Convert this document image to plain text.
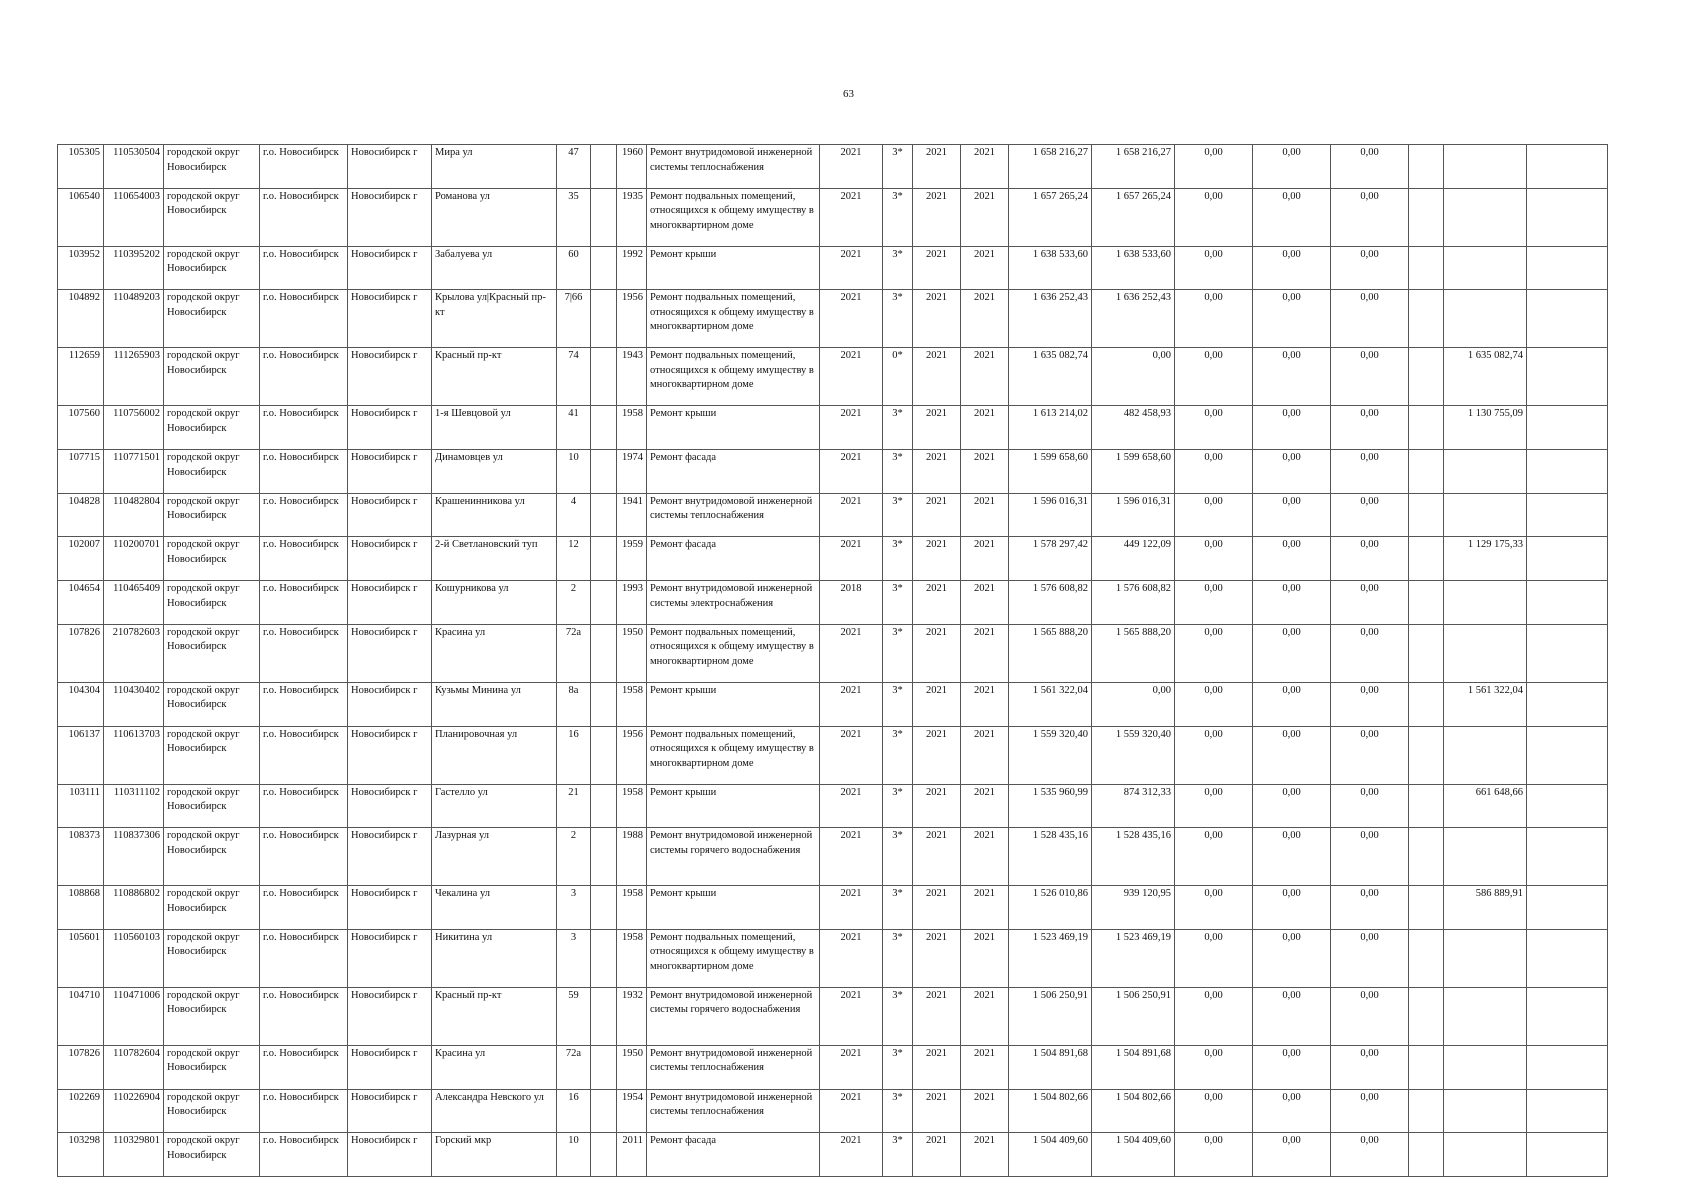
63
105305	110530504	городской округ Новосибирск	г.о. Новосибирск	Новосибирск г	Мира ул	47		1960	Ремонт внутридомовой инженерной системы теплоснабжения	2021	3*	2021	2021	1 658 216,27	1 658 216,27	0,00	0,00	0,00			
106540	110654003	городской округ Новосибирск	г.о. Новосибирск	Новосибирск г	Романова ул	35		1935	Ремонт подвальных помещений, относящихся к общему имуществу в многоквартирном доме	2021	3*	2021	2021	1 657 265,24	1 657 265,24	0,00	0,00	0,00			
103952	110395202	городской округ Новосибирск	г.о. Новосибирск	Новосибирск г	Забалуева ул	60		1992	Ремонт крыши	2021	3*	2021	2021	1 638 533,60	1 638 533,60	0,00	0,00	0,00			
104892	110489203	городской округ Новосибирск	г.о. Новосибирск	Новосибирск г	Крылова ул|Красный пр-кт	7|66		1956	Ремонт подвальных помещений, относящихся к общему имуществу в многоквартирном доме	2021	3*	2021	2021	1 636 252,43	1 636 252,43	0,00	0,00	0,00			
112659	111265903	городской округ Новосибирск	г.о. Новосибирск	Новосибирск г	Красный пр-кт	74		1943	Ремонт подвальных помещений, относящихся к общему имуществу в многоквартирном доме	2021	0*	2021	2021	1 635 082,74	0,00	0,00	0,00	0,00		1 635 082,74	
107560	110756002	городской округ Новосибирск	г.о. Новосибирск	Новосибирск г	1-я Шевцовой ул	41		1958	Ремонт крыши	2021	3*	2021	2021	1 613 214,02	482 458,93	0,00	0,00	0,00		1 130 755,09	
107715	110771501	городской округ Новосибирск	г.о. Новосибирск	Новосибирск г	Динамовцев ул	10		1974	Ремонт фасада	2021	3*	2021	2021	1 599 658,60	1 599 658,60	0,00	0,00	0,00			
104828	110482804	городской округ Новосибирск	г.о. Новосибирск	Новосибирск г	Крашенинникова ул	4		1941	Ремонт внутридомовой инженерной системы теплоснабжения	2021	3*	2021	2021	1 596 016,31	1 596 016,31	0,00	0,00	0,00			
102007	110200701	городской округ Новосибирск	г.о. Новосибирск	Новосибирск г	2-й Светлановский туп	12		1959	Ремонт фасада	2021	3*	2021	2021	1 578 297,42	449 122,09	0,00	0,00	0,00		1 129 175,33	
104654	110465409	городской округ Новосибирск	г.о. Новосибирск	Новосибирск г	Кошурникова ул	2		1993	Ремонт внутридомовой инженерной системы электроснабжения	2018	3*	2021	2021	1 576 608,82	1 576 608,82	0,00	0,00	0,00			
107826	210782603	городской округ Новосибирск	г.о. Новосибирск	Новосибирск г	Красина ул	72а		1950	Ремонт подвальных помещений, относящихся к общему имуществу в многоквартирном доме	2021	3*	2021	2021	1 565 888,20	1 565 888,20	0,00	0,00	0,00			
104304	110430402	городской округ Новосибирск	г.о. Новосибирск	Новосибирск г	Кузьмы Минина ул	8а		1958	Ремонт крыши	2021	3*	2021	2021	1 561 322,04	0,00	0,00	0,00	0,00		1 561 322,04	
106137	110613703	городской округ Новосибирск	г.о. Новосибирск	Новосибирск г	Планировочная ул	16		1956	Ремонт подвальных помещений, относящихся к общему имуществу в многоквартирном доме	2021	3*	2021	2021	1 559 320,40	1 559 320,40	0,00	0,00	0,00			
103111	110311102	городской округ Новосибирск	г.о. Новосибирск	Новосибирск г	Гастелло ул	21		1958	Ремонт крыши	2021	3*	2021	2021	1 535 960,99	874 312,33	0,00	0,00	0,00		661 648,66	
108373	110837306	городской округ Новосибирск	г.о. Новосибирск	Новосибирск г	Лазурная ул	2		1988	Ремонт внутридомовой инженерной системы горячего водоснабжения	2021	3*	2021	2021	1 528 435,16	1 528 435,16	0,00	0,00	0,00			
108868	110886802	городской округ Новосибирск	г.о. Новосибирск	Новосибирск г	Чекалина ул	3		1958	Ремонт крыши	2021	3*	2021	2021	1 526 010,86	939 120,95	0,00	0,00	0,00		586 889,91	
105601	110560103	городской округ Новосибирск	г.о. Новосибирск	Новосибирск г	Никитина ул	3		1958	Ремонт подвальных помещений, относящихся к общему имуществу в многоквартирном доме	2021	3*	2021	2021	1 523 469,19	1 523 469,19	0,00	0,00	0,00			
104710	110471006	городской округ Новосибирск	г.о. Новосибирск	Новосибирск г	Красный пр-кт	59		1932	Ремонт внутридомовой инженерной системы горячего водоснабжения	2021	3*	2021	2021	1 506 250,91	1 506 250,91	0,00	0,00	0,00			
107826	110782604	городской округ Новосибирск	г.о. Новосибирск	Новосибирск г	Красина ул	72а		1950	Ремонт внутридомовой инженерной системы теплоснабжения	2021	3*	2021	2021	1 504 891,68	1 504 891,68	0,00	0,00	0,00			
102269	110226904	городской округ Новосибирск	г.о. Новосибирск	Новосибирск г	Александра Невского ул	16		1954	Ремонт внутридомовой инженерной системы теплоснабжения	2021	3*	2021	2021	1 504 802,66	1 504 802,66	0,00	0,00	0,00			
103298	110329801	городской округ Новосибирск	г.о. Новосибирск	Новосибирск г	Горский мкр	10		2011	Ремонт фасада	2021	3*	2021	2021	1 504 409,60	1 504 409,60	0,00	0,00	0,00			
